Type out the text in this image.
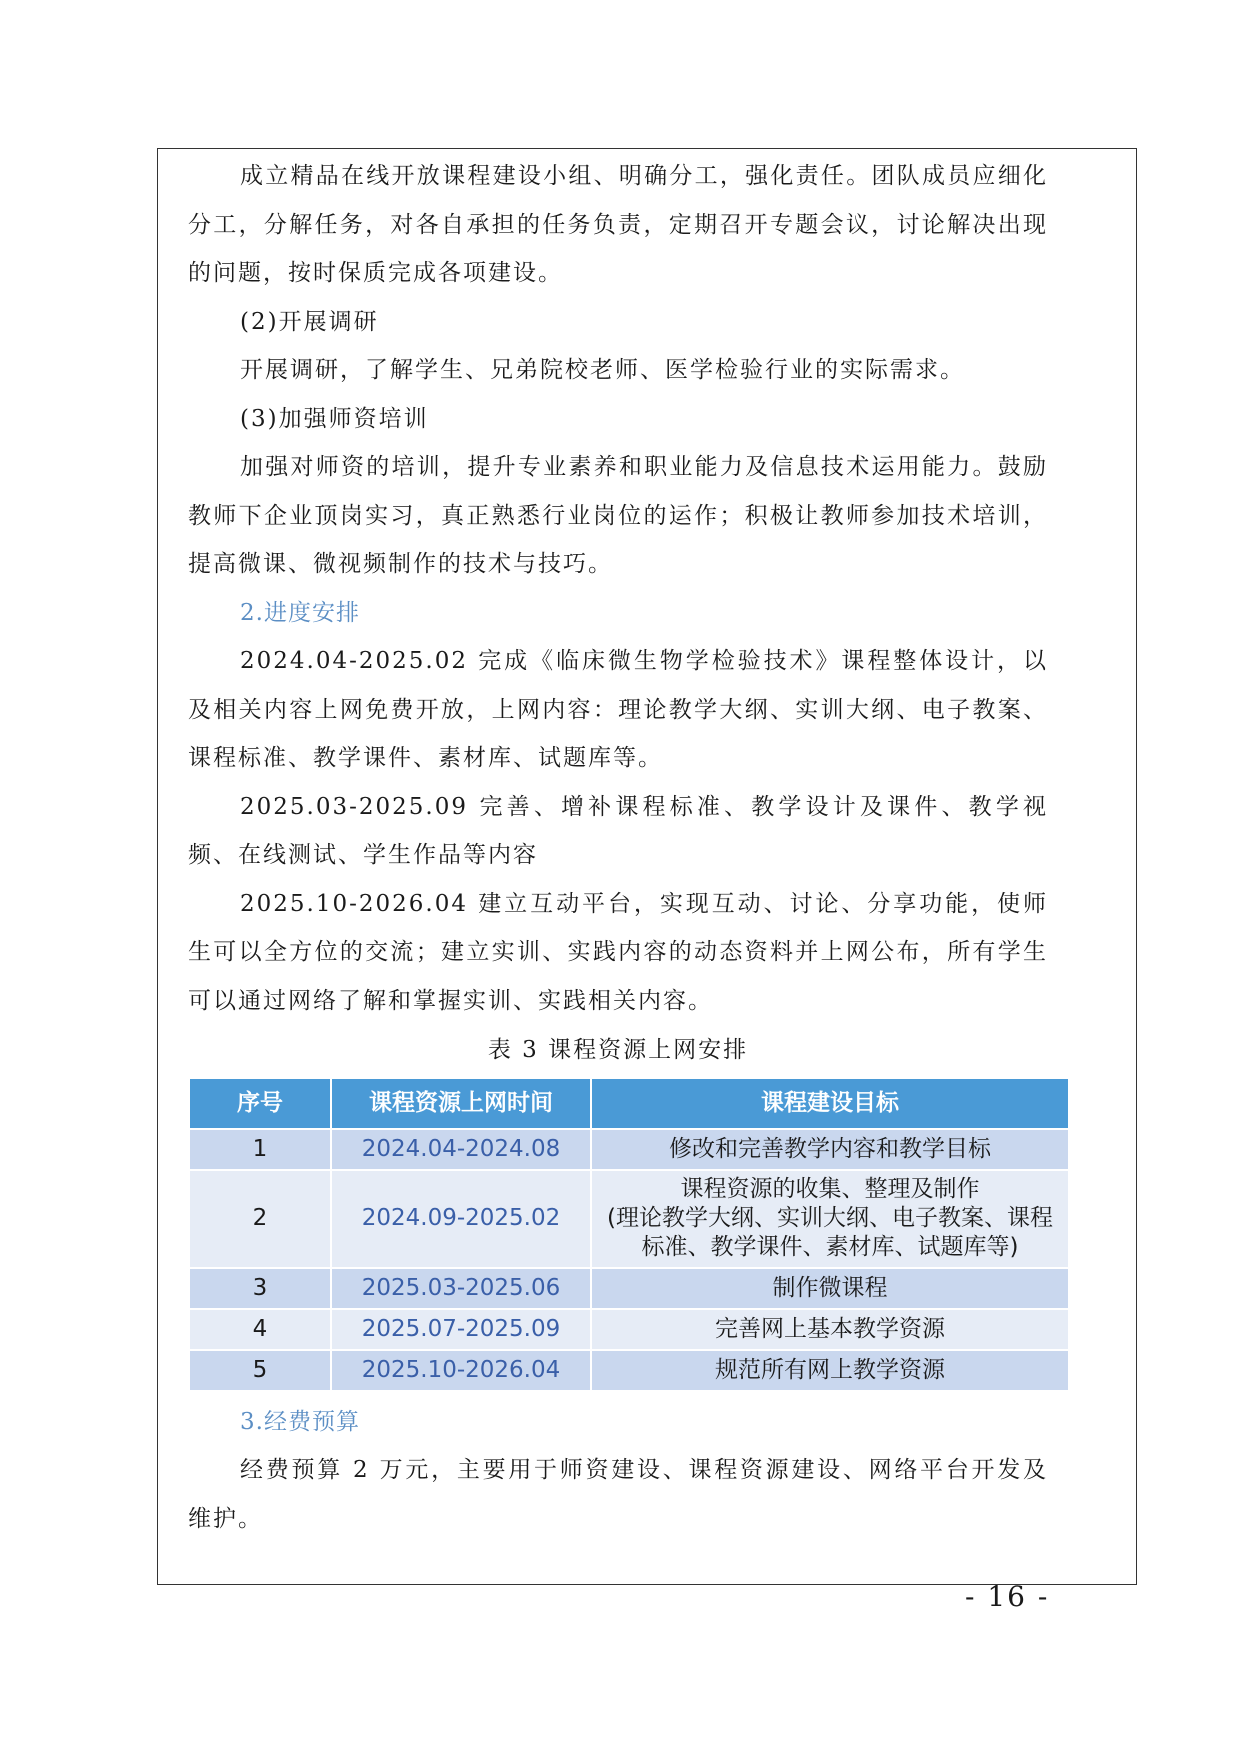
成立精品在线开放课程建设小组、明确分工，强化责任。团队成员应细化分工，分解任务，对各自承担的任务负责，定期召开专题会议，讨论解决出现的问题，按时保质完成各项建设。

(2)开展调研

开展调研，了解学生、兄弟院校老师、医学检验行业的实际需求。

(3)加强师资培训

加强对师资的培训，提升专业素养和职业能力及信息技术运用能力。鼓励教师下企业顶岗实习，真正熟悉行业岗位的运作；积极让教师参加技术培训，提高微课、微视频制作的技术与技巧。

2.进度安排

2024.04-2025.02 完成《临床微生物学检验技术》课程整体设计，以及相关内容上网免费开放，上网内容：理论教学大纲、实训大纲、电子教案、课程标准、教学课件、素材库、试题库等。

2025.03-2025.09 完善、增补课程标准、教学设计及课件、教学视频、在线测试、学生作品等内容

2025.10-2026.04 建立互动平台，实现互动、讨论、分享功能，使师生可以全方位的交流；建立实训、实践内容的动态资料并上网公布，所有学生可以通过网络了解和掌握实训、实践相关内容。

表 3 课程资源上网安排

序号	课程资源上网时间	课程建设目标
1	2024.04-2024.08	修改和完善教学内容和教学目标
2	2024.09-2025.02	课程资源的收集、整理及制作
(理论教学大纲、实训大纲、电子教案、课程标准、教学课件、素材库、试题库等)

3	2025.03-2025.06	制作微课程
4	2025.07-2025.09	完善网上基本教学资源
5	2025.10-2026.04	规范所有网上教学资源

3.经费预算

经费预算 2 万元，主要用于师资建设、课程资源建设、网络平台开发及维护。

- 16 -
